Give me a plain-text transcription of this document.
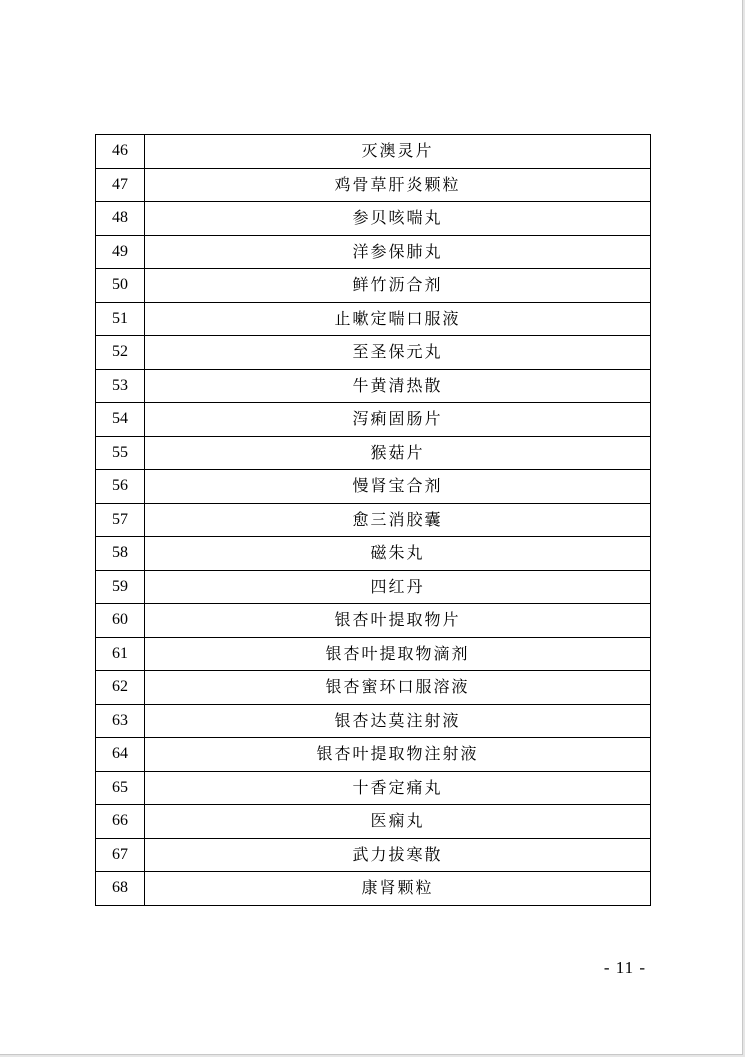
46	灭澳灵片
47	鸡骨草肝炎颗粒
48	参贝咳喘丸
49	洋参保肺丸
50	鲜竹沥合剂
51	止嗽定喘口服液
52	至圣保元丸
53	牛黄清热散
54	泻痢固肠片
55	猴菇片
56	慢肾宝合剂
57	愈三消胶囊
58	磁朱丸
59	四红丹
60	银杏叶提取物片
61	银杏叶提取物滴剂
62	银杏蜜环口服溶液
63	银杏达莫注射液
64	银杏叶提取物注射液
65	十香定痛丸
66	医痫丸
67	武力拔寒散
68	康肾颗粒
- 11 -
